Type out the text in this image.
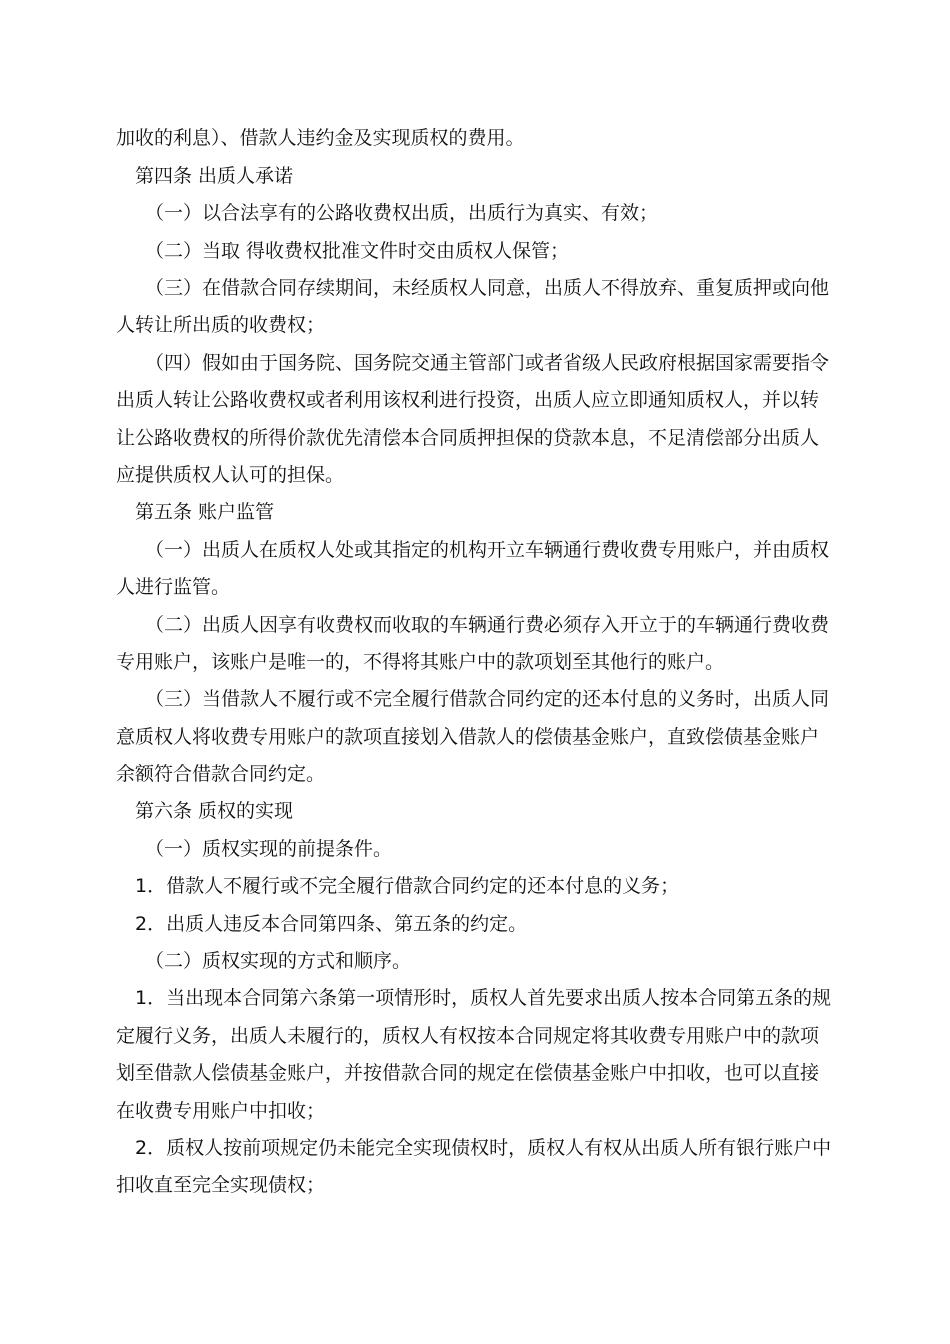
加收的利息）、借款人违约金及实现质权的费用。
第四条 出质人承诺
（一）以合法享有的公路收费权出质，出质行为真实、有效；
（二）当取 得收费权批准文件时交由质权人保管；
（三）在借款合同存续期间，未经质权人同意，出质人不得放弃、重复质押或向他
人转让所出质的收费权；
（四）假如由于国务院、国务院交通主管部门或者省级人民政府根据国家需要指令
出质人转让公路收费权或者利用该权利进行投资，出质人应立即通知质权人，并以转
让公路收费权的所得价款优先清偿本合同质押担保的贷款本息，不足清偿部分出质人
应提供质权人认可的担保。
第五条 账户监管
（一）出质人在质权人处或其指定的机构开立车辆通行费收费专用账户，并由质权
人进行监管。
（二）出质人因享有收费权而收取的车辆通行费必须存入开立于的车辆通行费收费
专用账户，该账户是唯一的，不得将其账户中的款项划至其他行的账户。
（三）当借款人不履行或不完全履行借款合同约定的还本付息的义务时，出质人同
意质权人将收费专用账户的款项直接划入借款人的偿债基金账户，直致偿债基金账户
余额符合借款合同约定。
第六条 质权的实现
（一）质权实现的前提条件。
1．借款人不履行或不完全履行借款合同约定的还本付息的义务；
2．出质人违反本合同第四条、第五条的约定。
（二）质权实现的方式和顺序。
1．当出现本合同第六条第一项情形时，质权人首先要求出质人按本合同第五条的规
定履行义务，出质人未履行的，质权人有权按本合同规定将其收费专用账户中的款项
划至借款人偿债基金账户，并按借款合同的规定在偿债基金账户中扣收，也可以直接
在收费专用账户中扣收；
2．质权人按前项规定仍未能完全实现债权时，质权人有权从出质人所有银行账户中
扣收直至完全实现债权；
